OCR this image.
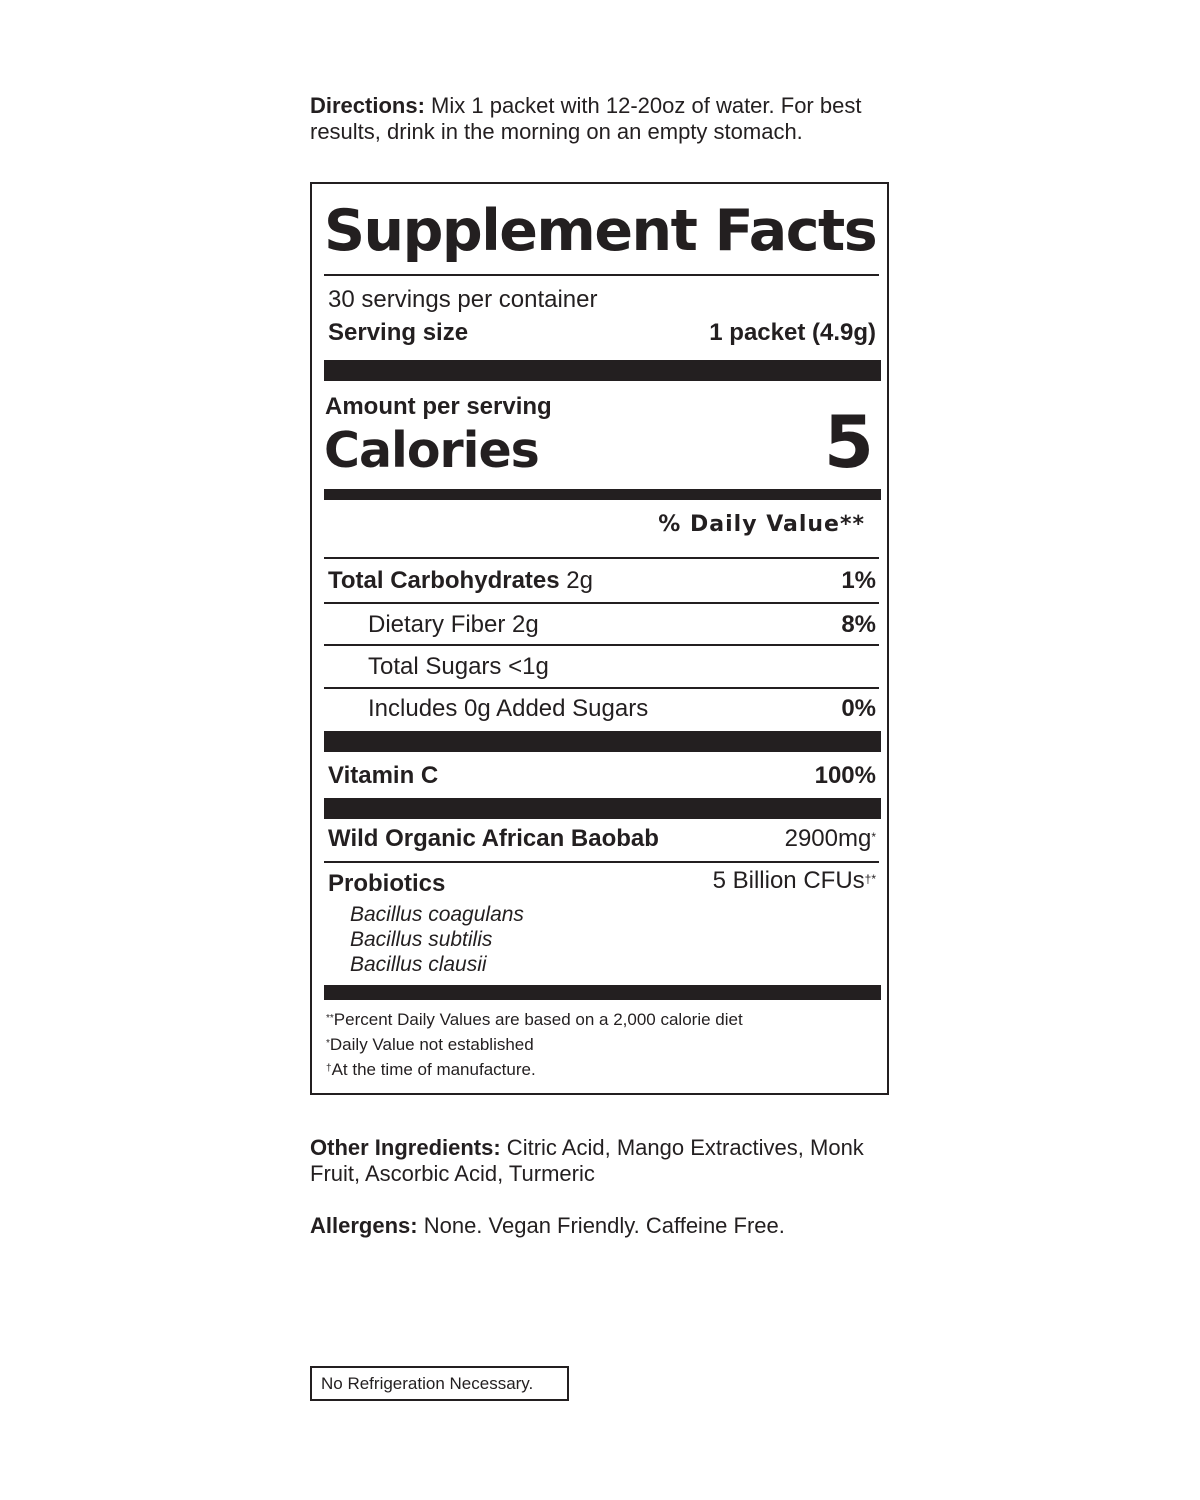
Directions: Mix 1 packet with 12-20oz of water. For best results, drink in the morning on an empty stomach.
Supplement Facts
30 servings per container
Serving size	1 packet (4.9g)
Amount per serving
Calories	5
% Daily Value**
Total Carbohydrates 2g	1%
Dietary Fiber 2g	8%
Total Sugars <1g
Includes 0g Added Sugars	0%
Vitamin C	100%
Wild Organic African Baobab	2900mg*
Probiotics	5 Billion CFUs†*
Bacillus coagulans
Bacillus subtilis
Bacillus clausii
**Percent Daily Values are based on a 2,000 calorie diet
*Daily Value not established
†At the time of manufacture.
Other Ingredients: Citric Acid, Mango Extractives, Monk Fruit, Ascorbic Acid, Turmeric
Allergens: None. Vegan Friendly. Caffeine Free.
No Refrigeration Necessary.
